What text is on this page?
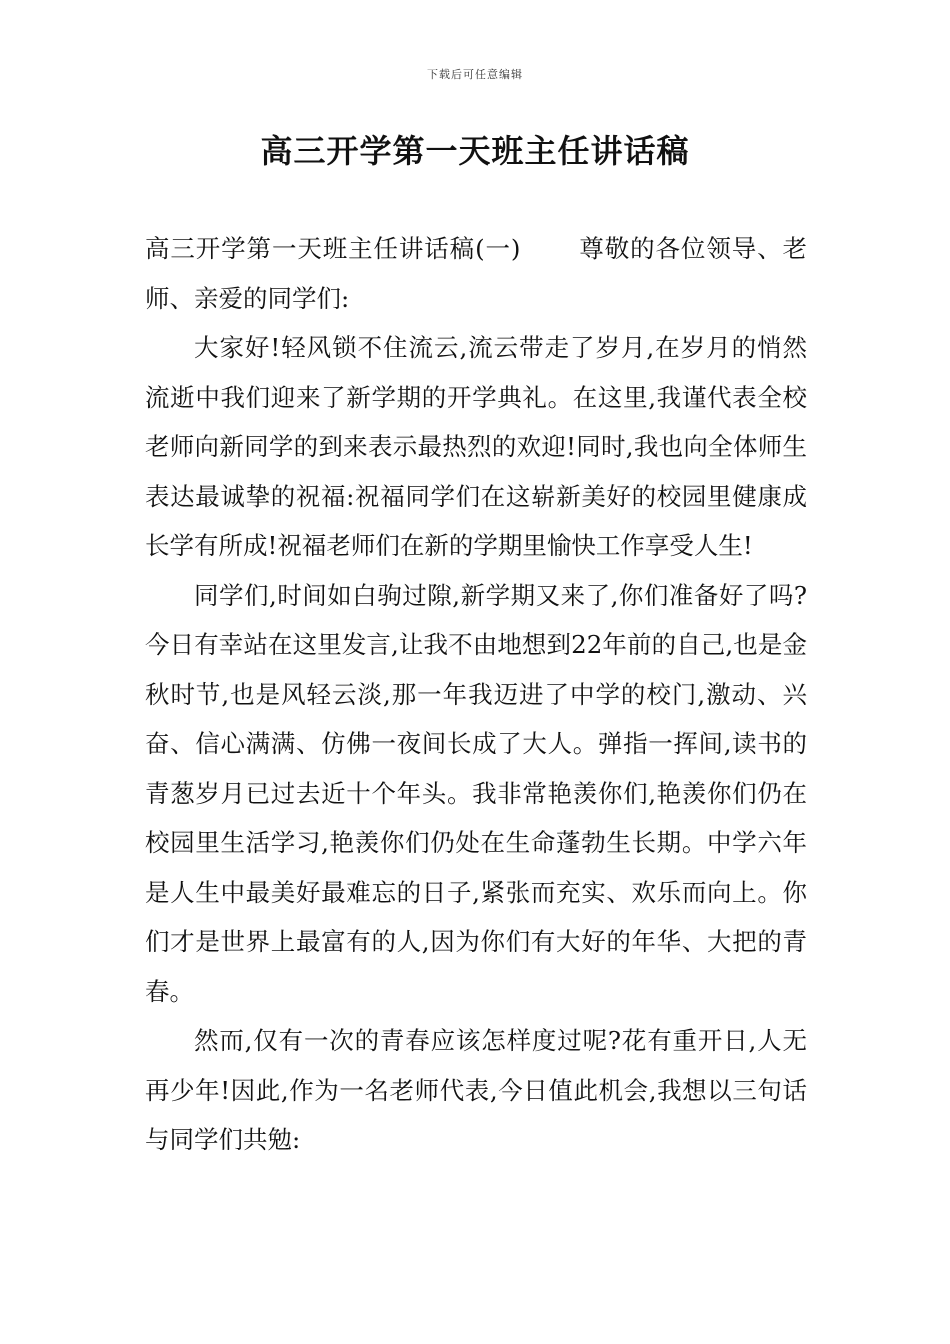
下载后可任意编辑
高三开学第一天班主任讲话稿

高三开学第一天班主任讲话稿(一) 尊敬的各位领导、老师、亲爱的同学们:

大家好!轻风锁不住流云,流云带走了岁月,在岁月的悄然流逝中我们迎来了新学期的开学典礼。在这里,我谨代表全校老师向新同学的到来表示最热烈的欢迎!同时,我也向全体师生表达最诚挚的祝福:祝福同学们在这崭新美好的校园里健康成长学有所成!祝福老师们在新的学期里愉快工作享受人生!

同学们,时间如白驹过隙,新学期又来了,你们准备好了吗?今日有幸站在这里发言,让我不由地想到22年前的自己,也是金秋时节,也是风轻云淡,那一年我迈进了中学的校门,激动、兴奋、信心满满、仿佛一夜间长成了大人。弹指一挥间,读书的青葱岁月已过去近十个年头。我非常艳羡你们,艳羡你们仍在校园里生活学习,艳羡你们仍处在生命蓬勃生长期。中学六年是人生中最美好最难忘的日子,紧张而充实、欢乐而向上。你们才是世界上最富有的人,因为你们有大好的年华、大把的青春。

然而,仅有一次的青春应该怎样度过呢?花有重开日,人无再少年!因此,作为一名老师代表,今日值此机会,我想以三句话与同学们共勉:
